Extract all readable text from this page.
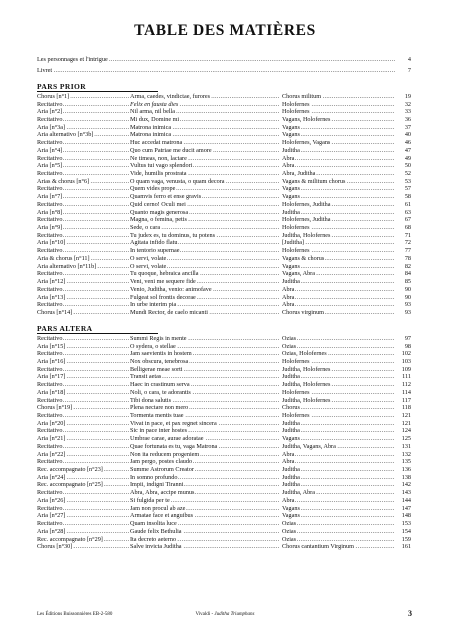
TABLE DES MATIÈRES
Les personnages et l'intrigue .....	4
Livret .....	7
PARS PRIOR
Chorus [n°1] .....	Arma, caedes, vindictae, furores .....	Chorus militum .....	19
Recitativo .....	Felix en fausta dies .....	Holofernes .....	32
Aria [n°2] .....	Nil arma, nil bella .....	Holofernes .....	33
Recitativo .....	Mi dux, Domine mi .....	Vagans, Holofernes .....	36
Aria [n°3a] .....	Matrona inimica .....	Vagans .....	37
Aria alternativo [n°3b] .....	Matrona inimica .....	Vagans .....	40
Recitativo .....	Huc accedat matrona .....	Holofernes, Vagans .....	46
Aria [n°4] .....	Quo cum Patriae me ducit amore .....	Juditha .....	47
Recitativo .....	Ne timeas, non, lactare .....	Abra .....	49
Aria [n°5] .....	Vultus tui vago splendori .....	Abra .....	50
Recitativo .....	Vide, humilis prostrata .....	Abra, Juditha .....	52
Arias & chorus [n°6] .....	O quam vaga, venusta, o quam decora .....	Vagans & militum chorus .....	53
Recitativo .....	Quem vides prope .....	Vagans .....	57
Aria [n°7] .....	Quamvis ferro et ense gravis .....	Vagans .....	58
Recitativo .....	Quid cerno! Oculi mei .....	Holofernes, Juditha .....	61
Aria [n°8] .....	Quanto magis generosa .....	Juditha .....	63
Recitativo .....	Magna, o femina, petis .....	Holofernes, Juditha .....	67
Aria [n°9] .....	Sede, o cara .....	Holofernes .....	68
Recitativo .....	Tu judex es, tu dominus, tu potens .....	Juditha, Holofernes .....	71
Aria [n°10] .....	Agitata infido flatu .....	[Juditha] .....	72
Recitativo .....	In tentorio supernae .....	Holofernes .....	77
Aria & chorus [n°11] .....	O servi, volate .....	Vagans & chorus .....	78
Aria alternativo [n°11b] .....	O servi, volate .....	Vagans .....	82
Recitativo .....	Tu quoque, hebraica ancilla .....	Vagans, Abra .....	84
Aria [n°12] .....	Veni, veni me sequere fide .....	Juditha .....	85
Recitativo .....	Venio, Juditha, venio: animofave .....	Abra .....	90
Aria [n°13] .....	Fulgeat sol frontis decorae .....	Abra .....	90
Recitativo .....	In urbe interim pia .....	Abra .....	93
Chorus [n°14] .....	Mundi Rector, de caelo micanti .....	Chorus virginum .....	93
PARS ALTERA
Recitativo .....	Summi Regis in mente .....	Ozias .....	97
Aria [n°15] .....	O sydera, o stellae .....	Ozias .....	98
Recitativo .....	Jam saevientis in hostem .....	Ozias, Holofernes .....	102
Aria [n°16] .....	Nox obscura, tenebrosa .....	Holofernes .....	103
Recitativo .....	Belligerae meae sorti .....	Juditha, Holofernes .....	109
Aria [n°17] .....	Transit aetas .....	Juditha .....	111
Recitativo .....	Haec in crastinum serva .....	Juditha, Holofernes .....	112
Aria [n°18] .....	Noli, o cara, te adorantis .....	Holofernes .....	114
Recitativo .....	Tibi dona salutis .....	Juditha, Holofernes .....	117
Chorus [n°19] .....	Plena nectare non mero .....	Chorus .....	118
Recitativo .....	Tormenta mentis tuae .....	Holofernes .....	121
Aria [n°20] .....	Vivat in pace, et pax regnet sincera .....	Juditha .....	121
Recitativo .....	Sic in pace inter hostes .....	Juditha .....	124
Aria [n°21] .....	Umbrae carae, aurae adoratae .....	Vagans .....	125
Recitativo .....	Quae fortunata es tu, vaga Matrona .....	Juditha, Vagans, Abra .....	131
Aria [n°22] .....	Non ita reducem progeniem .....	Abra .....	132
Recitativo .....	Jam pergo, postes claudo .....	Abra .....	135
Rec. accompagnato [n°23] .....	Summe Astrorum Creator .....	Juditha .....	136
Aria [n°24] .....	In somno profundo .....	Juditha .....	138
Rec. accompagnato [n°25] .....	Impii, indigni Tiranni .....	Juditha .....	142
Recitativo .....	Abra, Abra, accipe munus .....	Juditha, Abra .....	143
Aria [n°26] .....	Si fulgida per te .....	Abra .....	144
Recitativo .....	Jam non procul ab aze .....	Vagans .....	147
Aria [n°27] .....	Armatae face et anguibus .....	Vagans .....	148
Recitativo .....	Quam insolita luce .....	Ozias .....	153
Aria [n°28] .....	Gaude felix Bethulia .....	Ozias .....	154
Rec. accompagnato [n°29] .....	Ita decreto aeterno .....	Ozias .....	159
Chorus [n°30] .....	Salve invicta Juditha .....	Chorus cantantium Virginum .....	161
Les Éditions Buissonnières EB-2-580	Vivaldi - Juditha Triumphans	3
